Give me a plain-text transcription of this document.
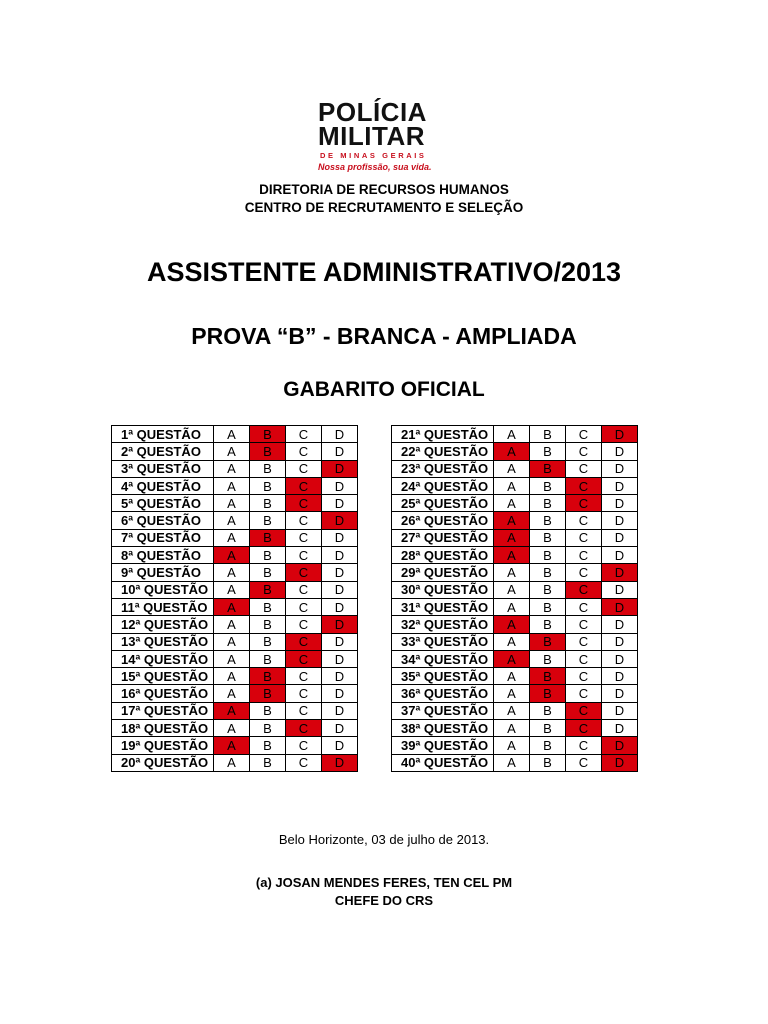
POLÍCIA
MILITAR
DE MINAS GERAIS
Nossa profissão, sua vida.
DIRETORIA DE RECURSOS HUMANOS
CENTRO DE RECRUTAMENTO E SELEÇÃO
ASSISTENTE ADMINISTRATIVO/2013
PROVA “B” - BRANCA - AMPLIADA
GABARITO OFICIAL
1ª QUESTÃO	A	B	C	D
2ª QUESTÃO	A	B	C	D
3ª QUESTÃO	A	B	C	D
4ª QUESTÃO	A	B	C	D
5ª QUESTÃO	A	B	C	D
6ª QUESTÃO	A	B	C	D
7ª QUESTÃO	A	B	C	D
8ª QUESTÃO	A	B	C	D
9ª QUESTÃO	A	B	C	D
10ª QUESTÃO	A	B	C	D
11ª QUESTÃO	A	B	C	D
12ª QUESTÃO	A	B	C	D
13ª QUESTÃO	A	B	C	D
14ª QUESTÃO	A	B	C	D
15ª QUESTÃO	A	B	C	D
16ª QUESTÃO	A	B	C	D
17ª QUESTÃO	A	B	C	D
18ª QUESTÃO	A	B	C	D
19ª QUESTÃO	A	B	C	D
20ª QUESTÃO	A	B	C	D
21ª QUESTÃO	A	B	C	D
22ª QUESTÃO	A	B	C	D
23ª QUESTÃO	A	B	C	D
24ª QUESTÃO	A	B	C	D
25ª QUESTÃO	A	B	C	D
26ª QUESTÃO	A	B	C	D
27ª QUESTÃO	A	B	C	D
28ª QUESTÃO	A	B	C	D
29ª QUESTÃO	A	B	C	D
30ª QUESTÃO	A	B	C	D
31ª QUESTÃO	A	B	C	D
32ª QUESTÃO	A	B	C	D
33ª QUESTÃO	A	B	C	D
34ª QUESTÃO	A	B	C	D
35ª QUESTÃO	A	B	C	D
36ª QUESTÃO	A	B	C	D
37ª QUESTÃO	A	B	C	D
38ª QUESTÃO	A	B	C	D
39ª QUESTÃO	A	B	C	D
40ª QUESTÃO	A	B	C	D
Belo Horizonte, 03 de julho de 2013.
(a) JOSAN MENDES FERES, TEN CEL PM
CHEFE DO CRS
